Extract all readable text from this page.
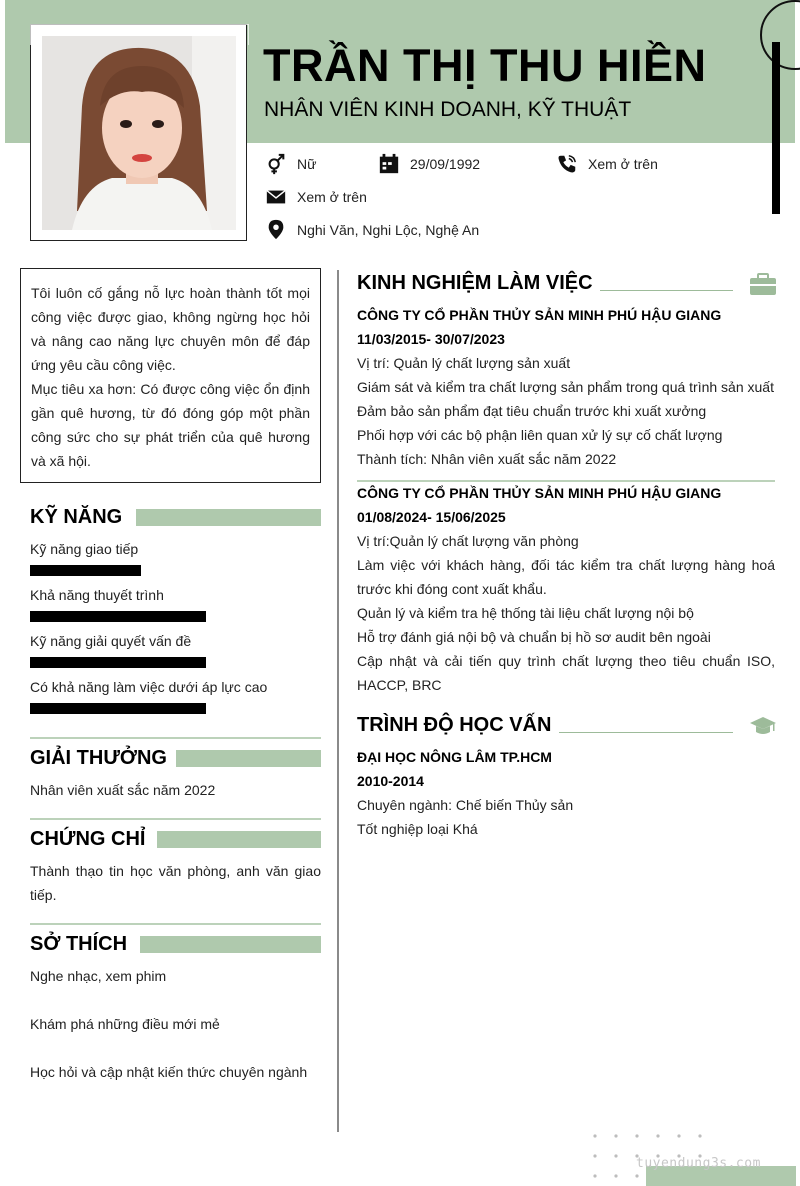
TRẦN THỊ THU HIỀN
NHÂN VIÊN KINH DOANH, KỸ THUẬT
Nữ	29/09/1992	Xem ở trên
Xem ở trên
Nghi Văn, Nghi Lộc, Nghệ An

Tôi luôn cố gắng nỗ lực hoàn thành tốt mọi công việc được giao, không ngừng học hỏi và nâng cao năng lực chuyên môn để đáp ứng yêu cầu công việc.

Mục tiêu xa hơn: Có được công việc ổn định gần quê hương, từ đó đóng góp một phần công sức cho sự phát triển của quê hương và xã hội.

KỸ NĂNG
Kỹ năng giao tiếp
Khả năng thuyết trình
Kỹ năng giải quyết vấn đề
Có khả năng làm việc dưới áp lực cao
GIẢI THƯỞNG
Nhân viên xuất sắc năm 2022
CHỨNG CHỈ
Thành thạo tin học văn phòng, anh văn giao
tiếp.
SỞ THÍCH
Nghe nhạc, xem phim
Khám phá những điều mới mẻ
Học hỏi và cập nhật kiến thức chuyên ngành
KINH NGHIỆM LÀM VIỆC
CÔNG TY CỔ PHẦN THỦY SẢN MINH PHÚ HẬU GIANG
11/03/2015- 30/07/2023
Vị trí: Quản lý chất lượng sản xuất
Giám sát và kiểm tra chất lượng sản phẩm trong quá trình sản xuất
Đảm bảo sản phẩm đạt tiêu chuẩn trước khi xuất xưởng
Phối hợp với các bộ phận liên quan xử lý sự cố chất lượng
Thành tích: Nhân viên xuất sắc năm 2022
CÔNG TY CỔ PHẦN THỦY SẢN MINH PHÚ HẬU GIANG
01/08/2024- 15/06/2025
Vị trí:Quản lý chất lượng văn phòng
Làm việc với khách hàng, đối tác kiểm tra chất lượng hàng hoá
trước khi đóng cont xuất khẩu.
Quản lý và kiểm tra hệ thống tài liệu chất lượng nội bộ
Hỗ trợ đánh giá nội bộ và chuẩn bị hồ sơ audit bên ngoài
Cập nhật và cải tiến quy trình chất lượng theo tiêu chuẩn ISO,
HACCP, BRC
TRÌNH ĐỘ HỌC VẤN
ĐẠI HỌC NÔNG LÂM TP.HCM
2010-2014
Chuyên ngành: Chế biến Thủy sản
Tốt nghiệp loại Khá
tuyendung3s.com
